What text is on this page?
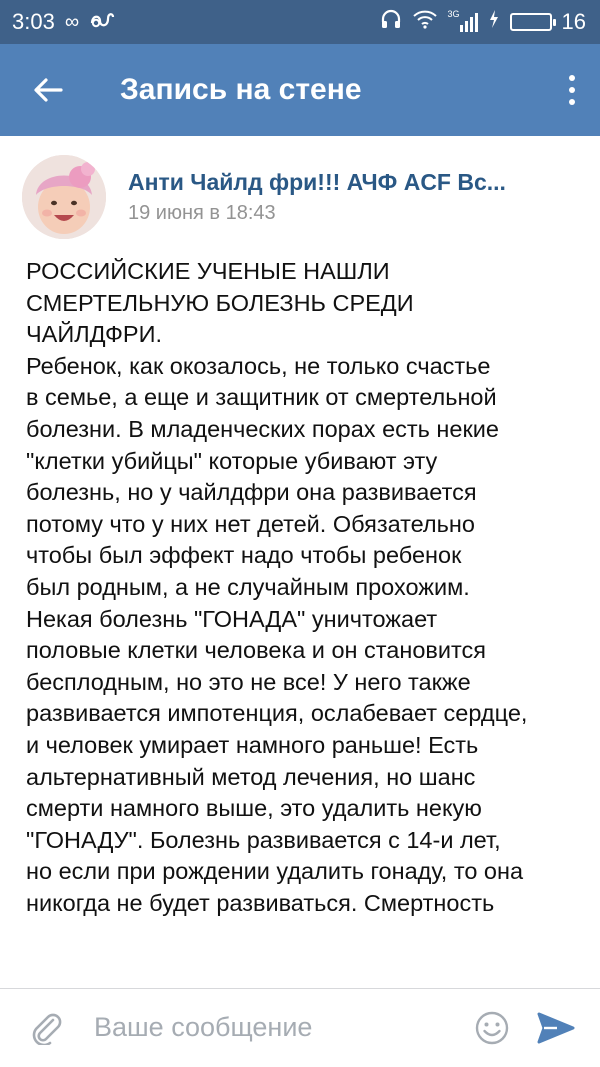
3:03 ∞	3G	16
Запись на стене
Анти Чайлд фри!!! АЧФ ACF Вс...
19 июня в 18:43
РОССИЙСКИЕ УЧЕНЫЕ НАШЛИ
СМЕРТЕЛЬНУЮ БОЛЕЗНЬ СРЕДИ
ЧАЙЛДФРИ.
Ребенок, как окозалось, не только счастье
в семье, а еще и защитник от смертельной
болезни. В младенческих порах есть некие
"клетки убийцы" которые убивают эту
болезнь, но у чайлдфри она развивается
потому что у них нет детей. Обязательно
чтобы был эффект надо чтобы ребенок
был родным, а не случайным прохожим.
Некая болезнь "ГОНАДА" уничтожает
половые клетки человека и он становится
бесплодным, но это не все! У него также
развивается импотенция, ослабевает сердце,
и человек умирает намного раньше! Есть
альтернативный метод лечения, но шанс
смерти намного выше, это удалить некую
"ГОНАДУ". Болезнь развивается с 14-и лет,
но если при рождении удалить гонаду, то она
никогда не будет развиваться. Смертность
Ваше сообщение
